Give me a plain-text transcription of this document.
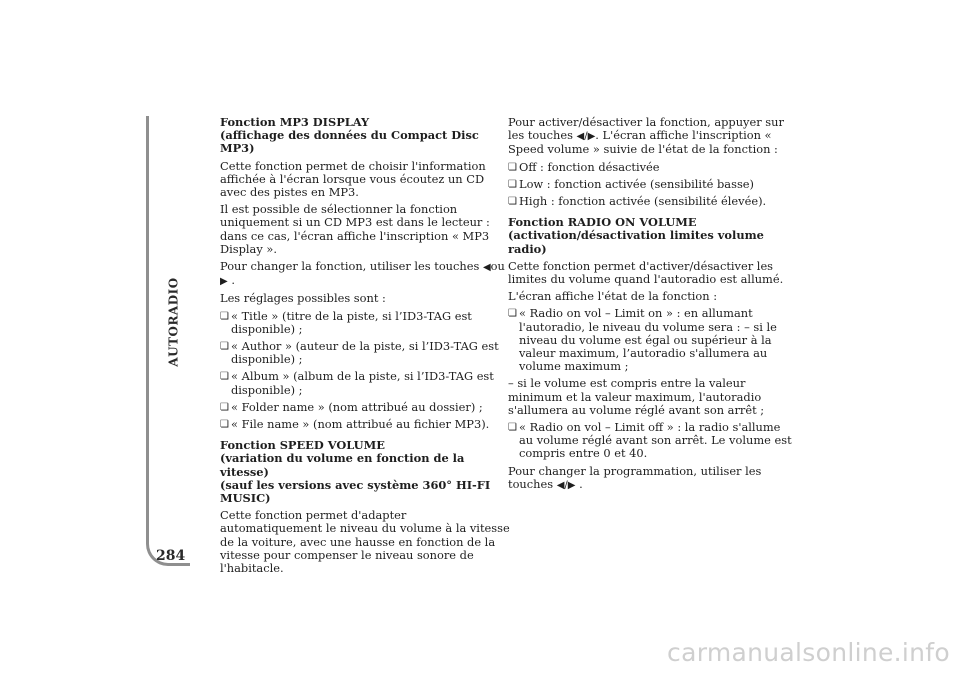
AUTORADIO
284

Fonction MP3 DISPLAY
(affichage des données du Compact Disc MP3)

Cette fonction permet de choisir l'information affichée à l'écran lorsque vous écoutez un CD avec des pistes en MP3.

Il est possible de sélectionner la fonction uniquement si un CD MP3 est dans le lecteur : dans ce cas, l'écran affiche l'inscription « MP3 Display ».

Pour changer la fonction, utiliser les touches ◀ou
▶ .

Les réglages possibles sont :

❏ « Title » (titre de la piste, si l’ID3-TAG est disponible) ;
❏ « Author » (auteur de la piste, si l’ID3-TAG est disponible) ;
❏ « Album » (album de la piste, si l’ID3-TAG est disponible) ;
❏ « Folder name » (nom attribué au dossier) ;
❏ « File name » (nom attribué au fichier MP3).

Fonction SPEED VOLUME
(variation du volume en fonction de la vitesse)
(sauf les versions avec système 360° HI-FI MUSIC)

Cette fonction permet d'adapter automatiquement le niveau du volume à la vitesse de la voiture, avec une hausse en fonction de la vitesse pour compenser le niveau sonore de l'habitacle.

Pour activer/désactiver la fonction, appuyer sur les touches ◀/▶. L'écran affiche l'inscription « Speed volume » suivie de l'état de la fonction :

❏ Off : fonction désactivée
❏ Low : fonction activée (sensibilité basse)
❏ High : fonction activée (sensibilité élevée).

Fonction RADIO ON VOLUME
(activation/désactivation limites volume radio)

Cette fonction permet d'activer/désactiver les limites du volume quand l'autoradio est allumé.

L'écran affiche l'état de la fonction :

❏ « Radio on vol – Limit on » : en allumant l'autoradio, le niveau du volume sera : – si le niveau du volume est égal ou supérieur à la valeur maximum, l’autoradio s'allumera au volume maximum ;

– si le volume est compris entre la valeur minimum et la valeur maximum, l'autoradio s'allumera au volume réglé avant son arrêt ;

❏ « Radio on vol – Limit off » : la radio s'allume au volume réglé avant son arrêt. Le volume est compris entre 0 et 40.

Pour changer la programmation, utiliser les touches ◀/▶ .

carmanualsonline.info
